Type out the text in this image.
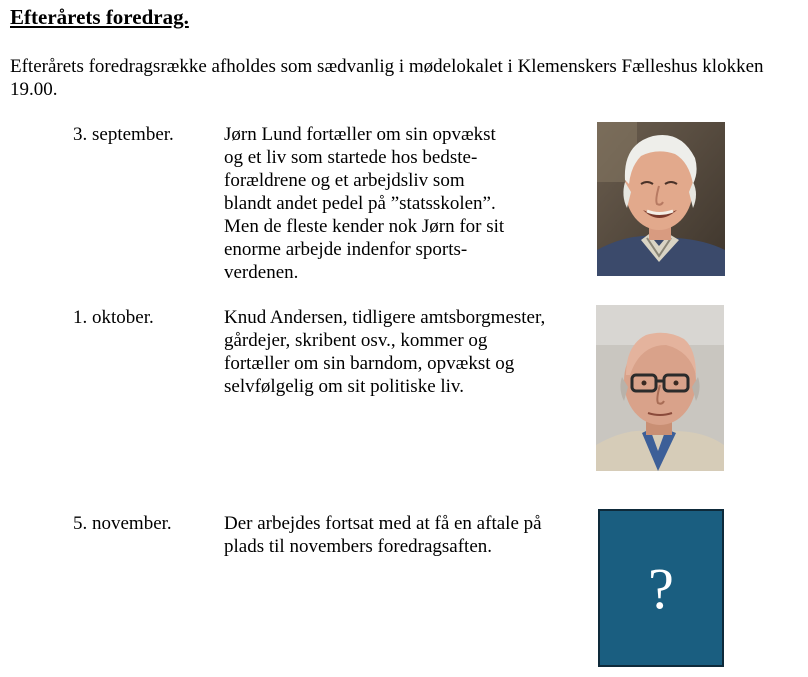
Efterårets foredrag.

Efterårets foredragsrække afholdes som sædvanlig i mødelokalet i Klemenskers Fælleshus klokken 19.00.

3. september.	Jørn Lund fortæller om sin opvækst
og et liv som startede hos bedste-
forældrene og et arbejdsliv som
blandt andet pedel på ”statsskolen”.
Men de fleste kender nok Jørn for sit
enorme arbejde indenfor sports-
verdenen.
1. oktober.	Knud Andersen, tidligere amtsborgmester,
gårdejer, skribent osv., kommer og
fortæller om sin barndom, opvækst og
selvfølgelig om sit politiske liv.
5. november.	Der arbejdes fortsat med at få en aftale på
plads til novembers foredragsaften.
?
